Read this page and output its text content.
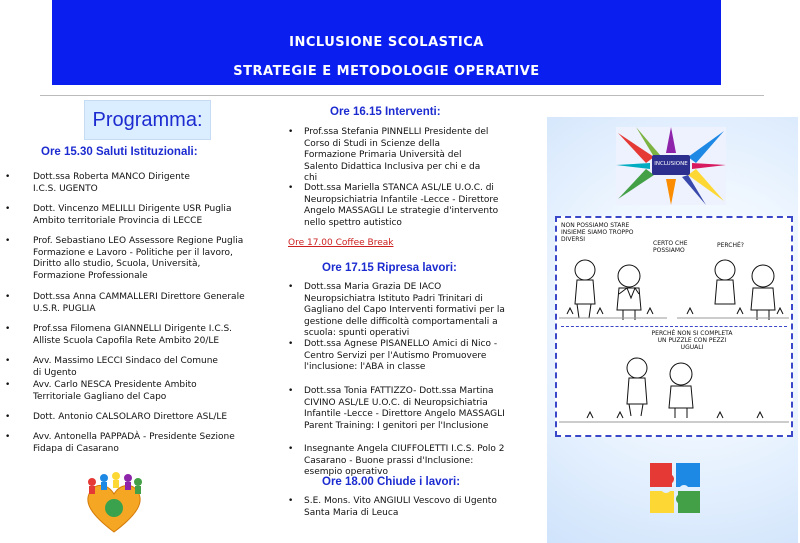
INCLUSIONE SCOLASTICA
STRATEGIE E METODOLOGIE OPERATIVE
Programma:
Ore 15.30 Saluti Istituzionali:
•	Dott.ssa Roberta MANCO Dirigente I.C.S. UGENTO
•	Dott. Vincenzo MELILLI Dirigente USR Puglia Ambito territoriale Provincia di LECCE
•	Prof. Sebastiano LEO Assessore Regione Puglia Formazione e Lavoro - Politiche per il lavoro, Diritto allo studio, Scuola, Università, Formazione Professionale
•	Dott.ssa Anna CAMMALLERI Direttore Generale U.S.R. PUGLIA
•	Prof.ssa Filomena GIANNELLI Dirigente I.C.S. Alliste Scuola Capofila Rete Ambito 20/LE
•	Avv. Massimo LECCI Sindaco del Comune di Ugento
•	Avv. Carlo NESCA Presidente Ambito Territoriale Gagliano del Capo
•	Dott. Antonio CALSOLARO Direttore ASL/LE
•	Avv. Antonella PAPPADÀ - Presidente Sezione Fidapa di Casarano
Ore 16.15 Interventi:
• Prof.ssa Stefania PINNELLI Presidente del Corso di Studi in Scienze della Formazione Primaria Università del Salento Didattica Inclusiva per chi e da chi
• Dott.ssa Mariella STANCA ASL/LE U.O.C. di Neuropsichiatria Infantile -Lecce - Direttore Angelo MASSAGLI Le strategie d'intervento nello spettro autistico
Ore 17.00 Coffee Break
Ore 17.15 Ripresa lavori:
• Dott.ssa Maria Grazia DE IACO Neuropsichiatra Istituto Padri Trinitari di Gagliano del Capo Interventi formativi per la gestione delle difficoltà comportamentali a scuola: spunti operativi
• Dott.ssa Agnese PISANELLO Amici di Nico -Centro Servizi per l'Autismo Promuovere l'inclusione: l'ABA in classe
• Dott.ssa Tonia FATTIZZO- Dott.ssa Martina CIVINO ASL/LE U.O.C. di Neuropsichiatria Infantile -Lecce - Direttore Angelo MASSAGLI Parent Training: I genitori per l'Inclusione
• Insegnante Angela CIUFFOLETTI I.C.S. Polo 2 Casarano - Buone prassi d'Inclusione: esempio operativo
Ore 18.00 Chiude i lavori:
• S.E. Mons. Vito ANGIULI Vescovo di Ugento Santa Maria di Leuca
INCLUSIONE
NON POSSIAMO STARE INSIEME SIAMO TROPPO DIVERSI
CERTO CHE POSSIAMO
PERCHÉ?
PERCHÉ NON SI COMPLETA UN PUZZLE CON PEZZI UGUALI
